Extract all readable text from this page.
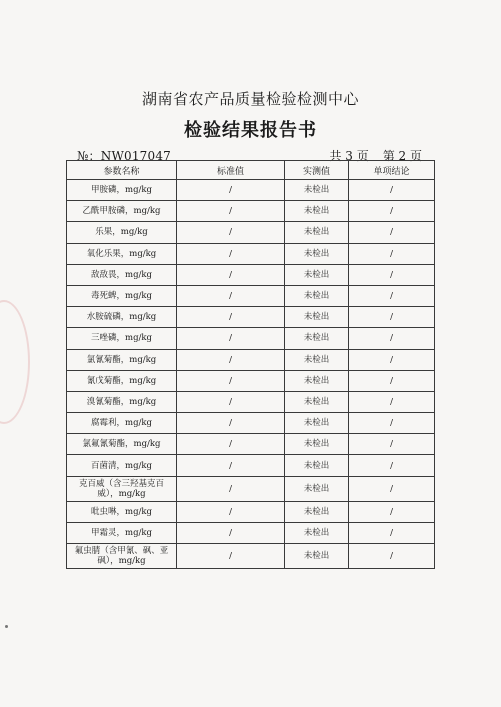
湖南省农产品质量检验检测中心
检验结果报告书
№：NW017047	共 3 页 第 2 页
参数名称	标准值	实测值	单项结论
甲胺磷，mg/kg	/	未检出	/
乙酰甲胺磷，mg/kg	/	未检出	/
乐果，mg/kg	/	未检出	/
氧化乐果，mg/kg	/	未检出	/
敌敌畏，mg/kg	/	未检出	/
毒死蜱，mg/kg	/	未检出	/
水胺硫磷，mg/kg	/	未检出	/
三唑磷，mg/kg	/	未检出	/
氯氰菊酯，mg/kg	/	未检出	/
氰戊菊酯，mg/kg	/	未检出	/
溴氰菊酯，mg/kg	/	未检出	/
腐霉利，mg/kg	/	未检出	/
氯氟氰菊酯，mg/kg	/	未检出	/
百菌清，mg/kg	/	未检出	/
克百威（含三羟基克百威），mg/kg	/	未检出	/
吡虫啉，mg/kg	/	未检出	/
甲霜灵，mg/kg	/	未检出	/
氟虫腈（含甲氰、砜、亚砜），mg/kg	/	未检出	/
